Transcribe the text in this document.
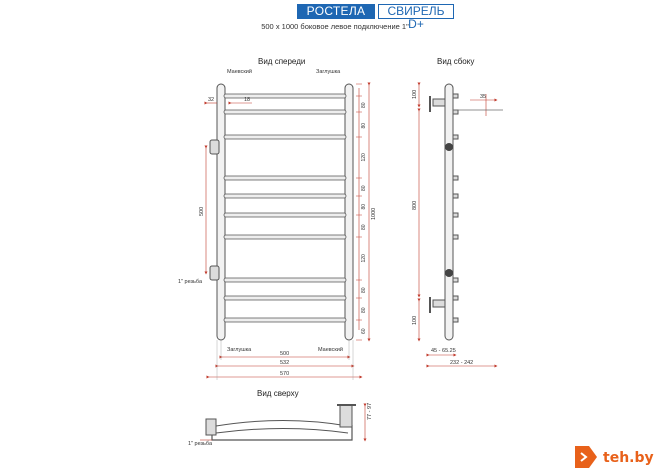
РОСТЕЛА	СВИРЕЛЬ D+
500 x 1000 боковое левое подключение 1"
Вид спереди	Вид сбоку
Вид сверху
Маевский	Заглушка
Заглушка	Маевский
1" резьба
32	18
500
532
570
1" резьба
45 - 65.25
232 - 242
35
500	1000
100
800
100
77 - 97
80
80
120
80
80
80
120
80
80
60
teh.by
